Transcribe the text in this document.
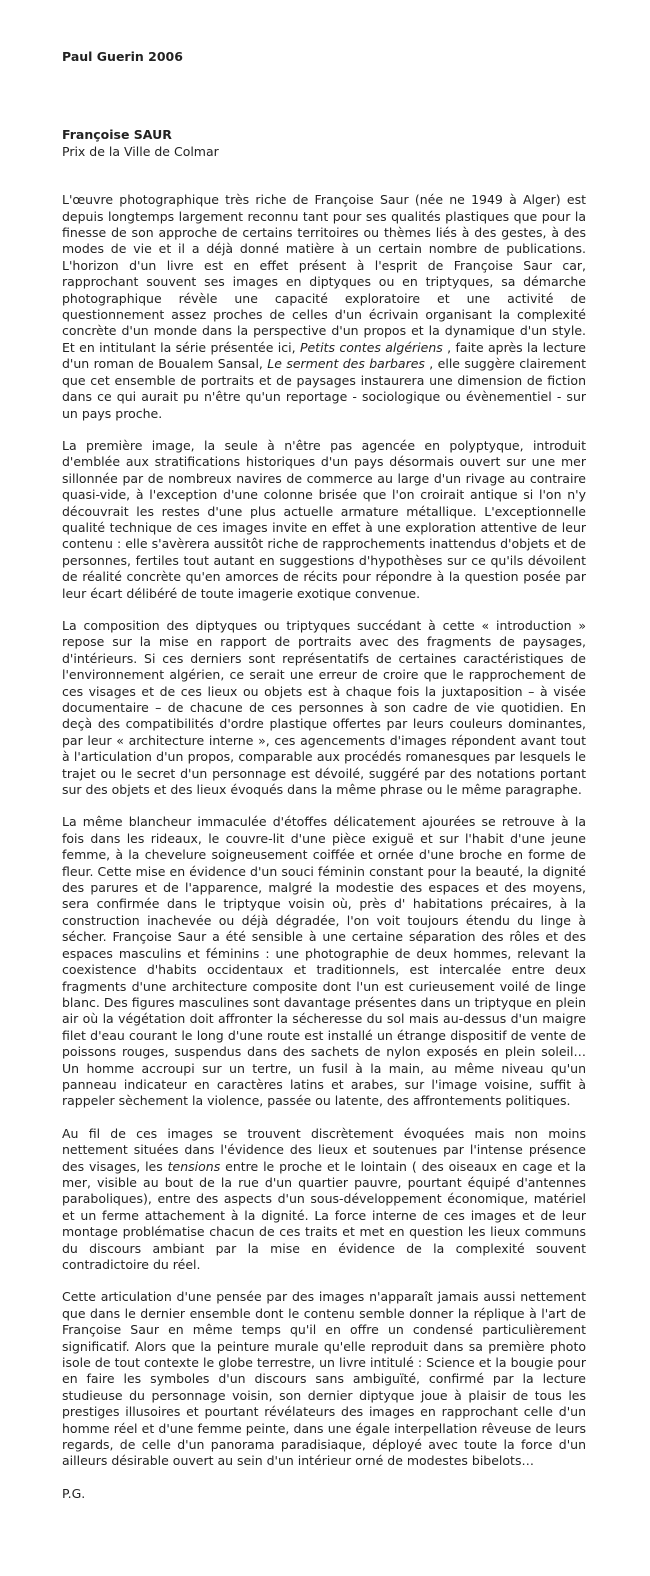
Paul Guerin 2006
Françoise SAUR
Prix de la Ville de Colmar

L'œuvre photographique très riche de Françoise Saur (née ne 1949 à Alger) est depuis longtemps largement reconnu tant pour ses qualités plastiques que pour la finesse de son approche de certains territoires ou thèmes liés à des gestes, à des modes de vie et il a déjà donné matière à un certain nombre de publications. L'horizon d'un livre est en effet présent à l'esprit de Françoise Saur car, rapprochant souvent ses images en diptyques ou en triptyques, sa démarche photographique révèle une capacité exploratoire et une activité de questionnement assez proches de celles d'un écrivain organisant la complexité concrète d'un monde dans la perspective d'un propos et la dynamique d'un style. Et en intitulant la série présentée ici, Petits contes algériens , faite après la lecture d'un roman de Boualem Sansal, Le serment des barbares , elle suggère clairement que cet ensemble de portraits et de paysages instaurera une dimension de fiction dans ce qui aurait pu n'être qu'un reportage - sociologique ou évènementiel - sur un pays proche.

La première image, la seule à n'être pas agencée en polyptyque, introduit d'emblée aux stratifications historiques d'un pays désormais ouvert sur une mer sillonnée par de nombreux navires de commerce au large d'un rivage au contraire quasi-vide, à l'exception d'une colonne brisée que l'on croirait antique si l'on n'y découvrait les restes d'une plus actuelle armature métallique. L'exceptionnelle qualité technique de ces images invite en effet à une exploration attentive de leur contenu : elle s'avèrera aussitôt riche de rapprochements inattendus d'objets et de personnes, fertiles tout autant en suggestions d'hypothèses sur ce qu'ils dévoilent de réalité concrète qu'en amorces de récits pour répondre à la question posée par leur écart délibéré de toute imagerie exotique convenue.

La composition des diptyques ou triptyques succédant à cette « introduction » repose sur la mise en rapport de portraits avec des fragments de paysages, d'intérieurs. Si ces derniers sont représentatifs de certaines caractéristiques de l'environnement algérien, ce serait une erreur de croire que le rapprochement de ces visages et de ces lieux ou objets est à chaque fois la juxtaposition – à visée documentaire – de chacune de ces personnes à son cadre de vie quotidien. En deçà des compatibilités d'ordre plastique offertes par leurs couleurs dominantes, par leur « architecture interne », ces agencements d'images répondent avant tout à l'articulation d'un propos, comparable aux procédés romanesques par lesquels le trajet ou le secret d'un personnage est dévoilé, suggéré par des notations portant sur des objets et des lieux évoqués dans la même phrase ou le même paragraphe.

La même blancheur immaculée d'étoffes délicatement ajourées se retrouve à la fois dans les rideaux, le couvre-lit d'une pièce exiguë et sur l'habit d'une jeune femme, à la chevelure soigneusement coiffée et ornée d'une broche en forme de fleur. Cette mise en évidence d'un souci féminin constant pour la beauté, la dignité des parures et de l'apparence, malgré la modestie des espaces et des moyens, sera confirmée dans le triptyque voisin où, près d' habitations précaires, à la construction inachevée ou déjà dégradée, l'on voit toujours étendu du linge à sécher. Françoise Saur a été sensible à une certaine séparation des rôles et des espaces masculins et féminins : une photographie de deux hommes, relevant la coexistence d'habits occidentaux et traditionnels, est intercalée entre deux fragments d'une architecture composite dont l'un est curieusement voilé de linge blanc. Des figures masculines sont davantage présentes dans un triptyque en plein air où la végétation doit affronter la sécheresse du sol mais au-dessus d'un maigre filet d'eau courant le long d'une route est installé un étrange dispositif de vente de poissons rouges, suspendus dans des sachets de nylon exposés en plein soleil… Un homme accroupi sur un tertre, un fusil à la main, au même niveau qu'un panneau indicateur en caractères latins et arabes, sur l'image voisine, suffit à rappeler sèchement la violence, passée ou latente, des affrontements politiques.

Au fil de ces images se trouvent discrètement évoquées mais non moins nettement situées dans l'évidence des lieux et soutenues par l'intense présence des visages, les tensions entre le proche et le lointain ( des oiseaux en cage et la mer, visible au bout de la rue d'un quartier pauvre, pourtant équipé d'antennes paraboliques), entre des aspects d'un sous-développement économique, matériel et un ferme attachement à la dignité. La force interne de ces images et de leur montage problématise chacun de ces traits et met en question les lieux communs du discours ambiant par la mise en évidence de la complexité souvent contradictoire du réel.

Cette articulation d'une pensée par des images n'apparaît jamais aussi nettement que dans le dernier ensemble dont le contenu semble donner la réplique à l'art de Françoise Saur en même temps qu'il en offre un condensé particulièrement significatif. Alors que la peinture murale qu'elle reproduit dans sa première photo isole de tout contexte le globe terrestre, un livre intitulé : Science et la bougie pour en faire les symboles d'un discours sans ambiguïté, confirmé par la lecture studieuse du personnage voisin, son dernier diptyque joue à plaisir de tous les prestiges illusoires et pourtant révélateurs des images en rapprochant celle d'un homme réel et d'une femme peinte, dans une égale interpellation rêveuse de leurs regards, de celle d'un panorama paradisiaque, déployé avec toute la force d'un ailleurs désirable ouvert au sein d'un intérieur orné de modestes bibelots…

P.G.
